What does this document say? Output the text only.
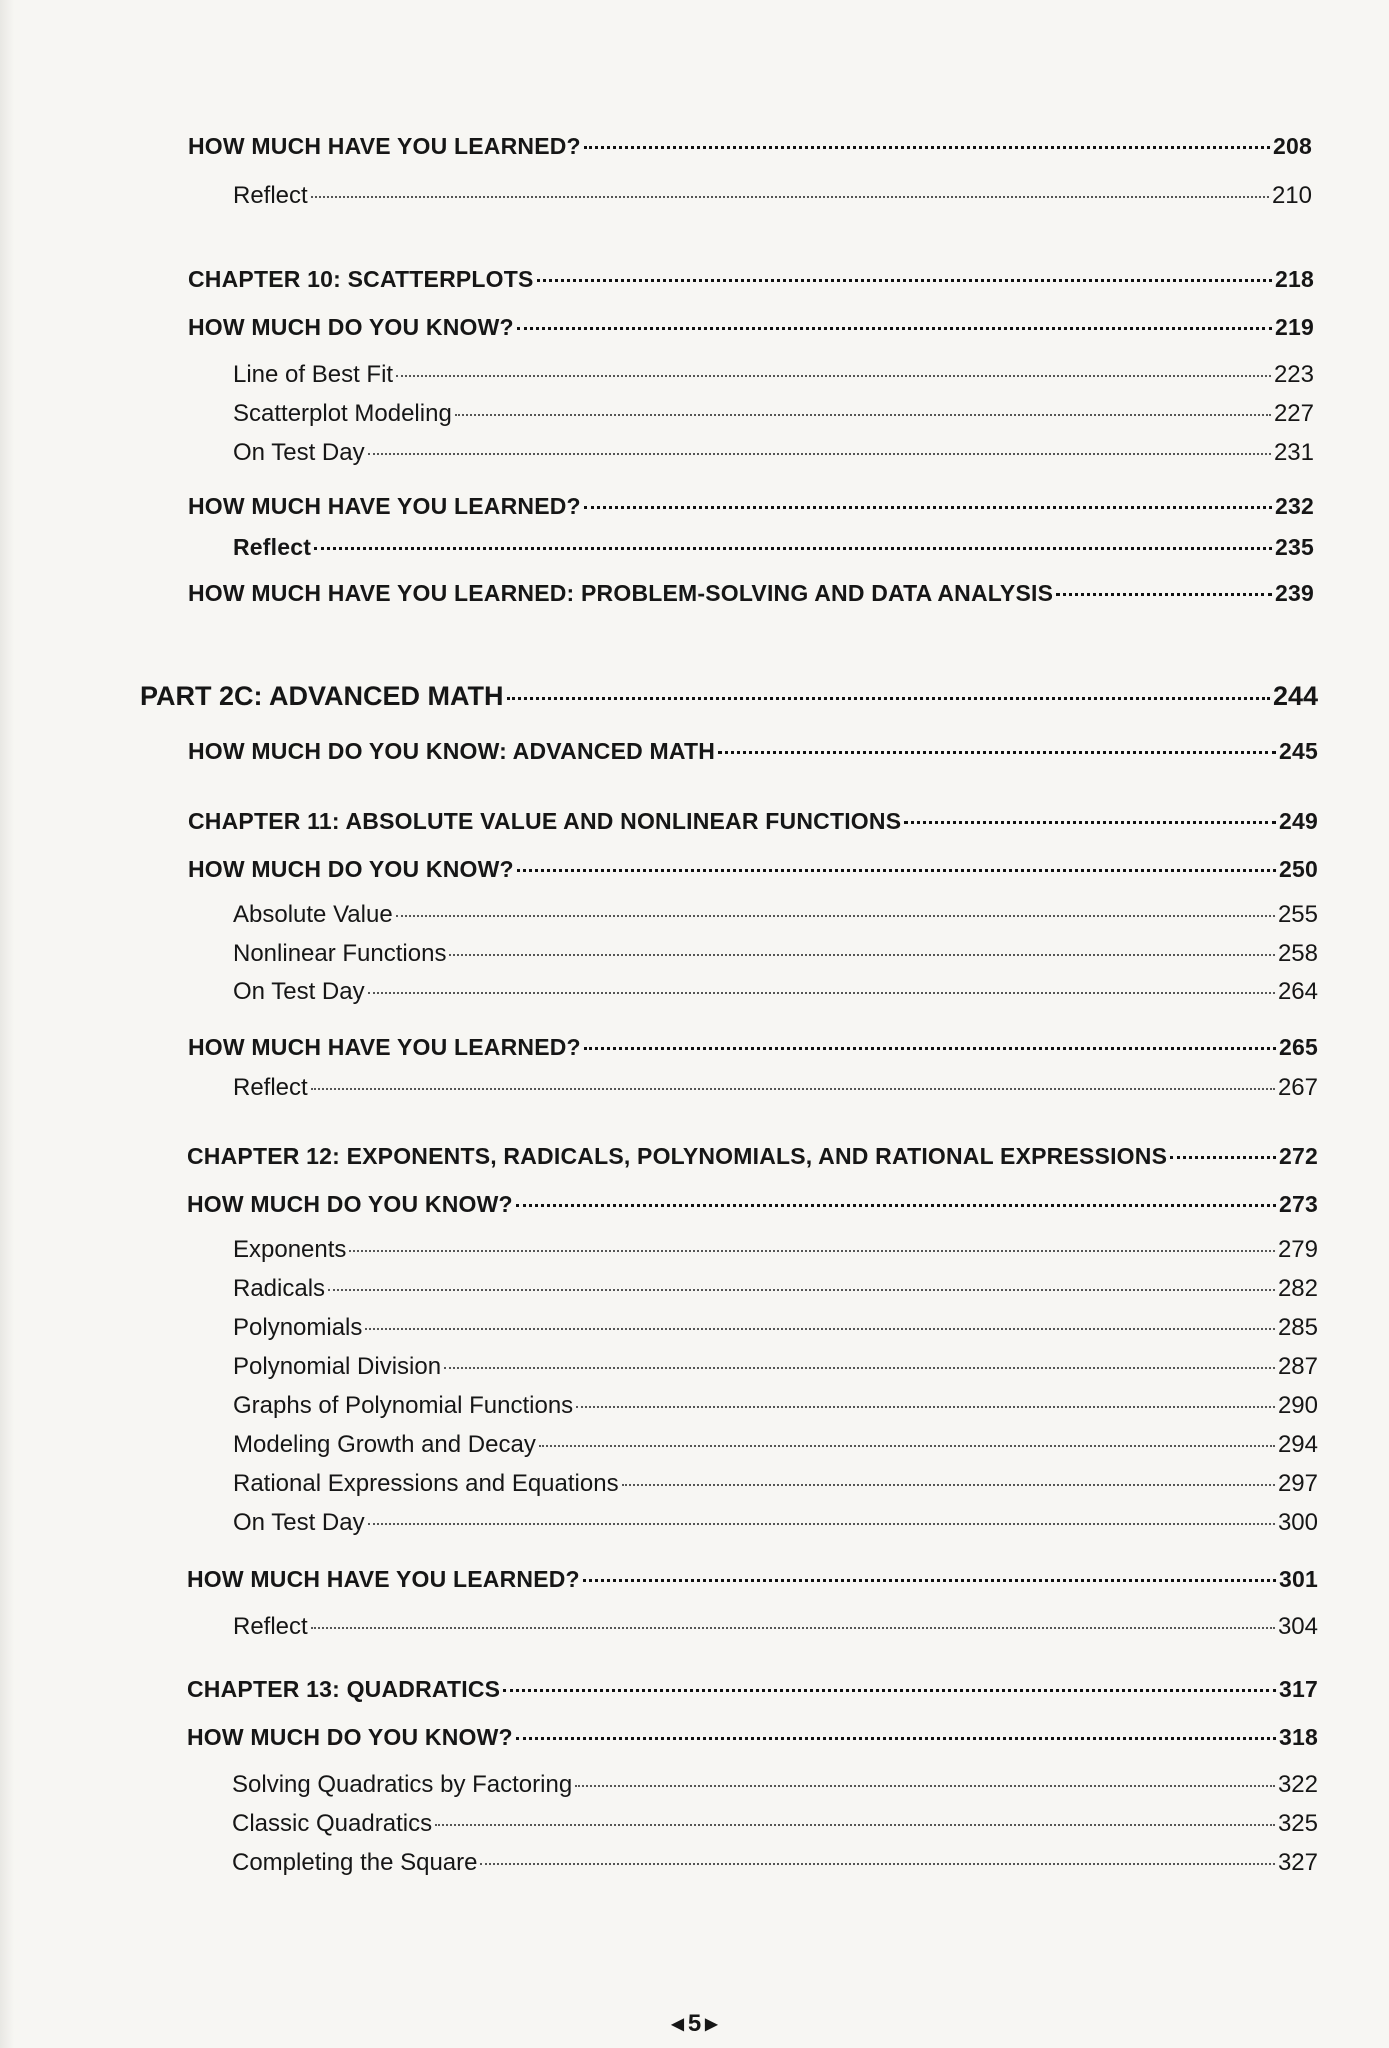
HOW MUCH HAVE YOU LEARNED?	208
Reflect	210
CHAPTER 10: SCATTERPLOTS	218
HOW MUCH DO YOU KNOW?	219
Line of Best Fit	223
Scatterplot Modeling	227
On Test Day	231
HOW MUCH HAVE YOU LEARNED?	232
Reflect	235
HOW MUCH HAVE YOU LEARNED: PROBLEM-SOLVING AND DATA ANALYSIS	239
PART 2C: ADVANCED MATH	244
HOW MUCH DO YOU KNOW: ADVANCED MATH	245
CHAPTER 11: ABSOLUTE VALUE AND NONLINEAR FUNCTIONS	249
HOW MUCH DO YOU KNOW?	250
Absolute Value	255
Nonlinear Functions	258
On Test Day	264
HOW MUCH HAVE YOU LEARNED?	265
Reflect	267
CHAPTER 12: EXPONENTS, RADICALS, POLYNOMIALS, AND RATIONAL EXPRESSIONS	272
HOW MUCH DO YOU KNOW?	273
Exponents	279
Radicals	282
Polynomials	285
Polynomial Division	287
Graphs of Polynomial Functions	290
Modeling Growth and Decay	294
Rational Expressions and Equations	297
On Test Day	300
HOW MUCH HAVE YOU LEARNED?	301
Reflect	304
CHAPTER 13: QUADRATICS	317
HOW MUCH DO YOU KNOW?	318
Solving Quadratics by Factoring	322
Classic Quadratics	325
Completing the Square	327
◀ 5 ▶
